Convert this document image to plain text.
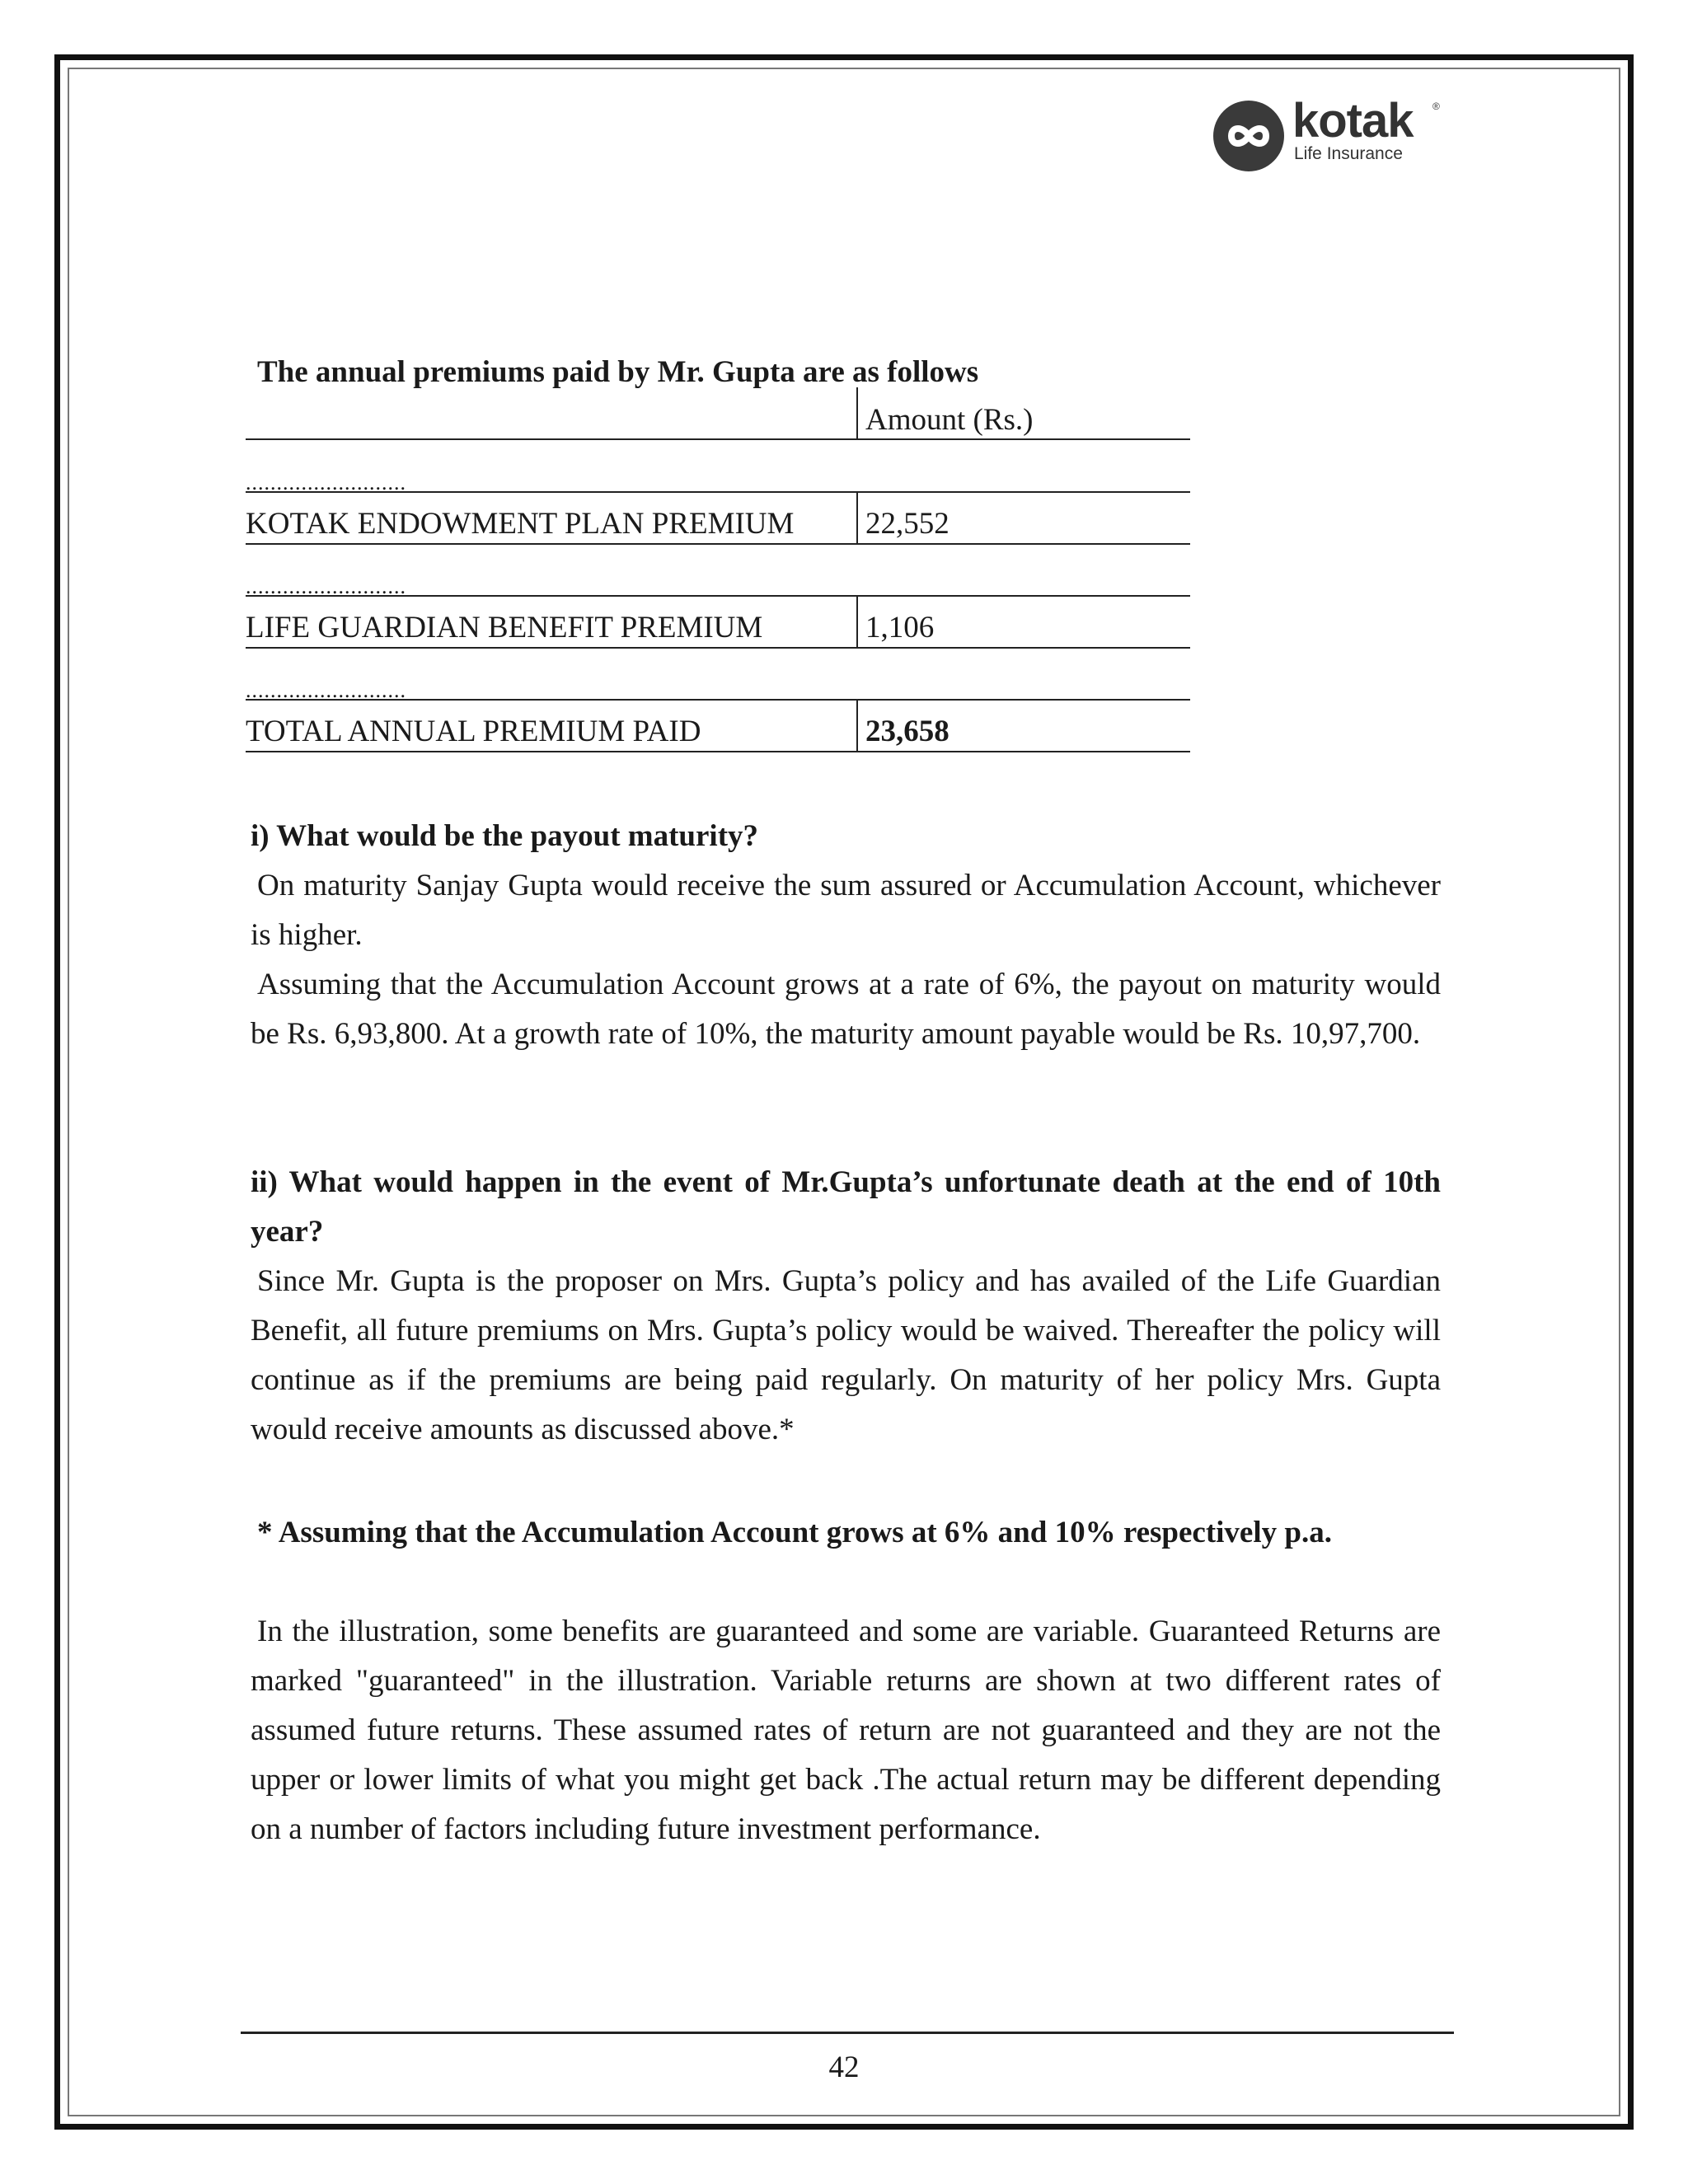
kotak ®
Life Insurance
The annual premiums paid by Mr. Gupta are as follows
Amount (Rs.)
..........................
KOTAK ENDOWMENT PLAN PREMIUM 22,552
..........................
LIFE GUARDIAN BENEFIT PREMIUM	1,106
..........................
TOTAL ANNUAL PREMIUM PAID	23,658

i) What would be the payout maturity?

On maturity Sanjay Gupta would receive the sum assured or Accumulation Account, whichever is higher.

Assuming that the Accumulation Account grows at a rate of 6%, the payout on maturity would be Rs. 6,93,800. At a growth rate of 10%, the maturity amount payable would be Rs. 10,97,700.

ii) What would happen in the event of Mr.Gupta’s unfortunate death at the end of 10th year?

Since Mr. Gupta is the proposer on Mrs. Gupta’s policy and has availed of the Life Guardian Benefit, all future premiums on Mrs. Gupta’s policy would be waived. Thereafter the policy will continue as if the premiums are being paid regularly. On maturity of her policy Mrs. Gupta would receive amounts as discussed above.*

* Assuming that the Accumulation Account grows at 6% and 10% respectively p.a.

In the illustration, some benefits are guaranteed and some are variable. Guaranteed Returns are marked "guaranteed" in the illustration. Variable returns are shown at two different rates of assumed future returns. These assumed rates of return are not guaranteed and they are not the upper or lower limits of what you might get back .The actual return may be different depending on a number of factors including future investment performance.

42
